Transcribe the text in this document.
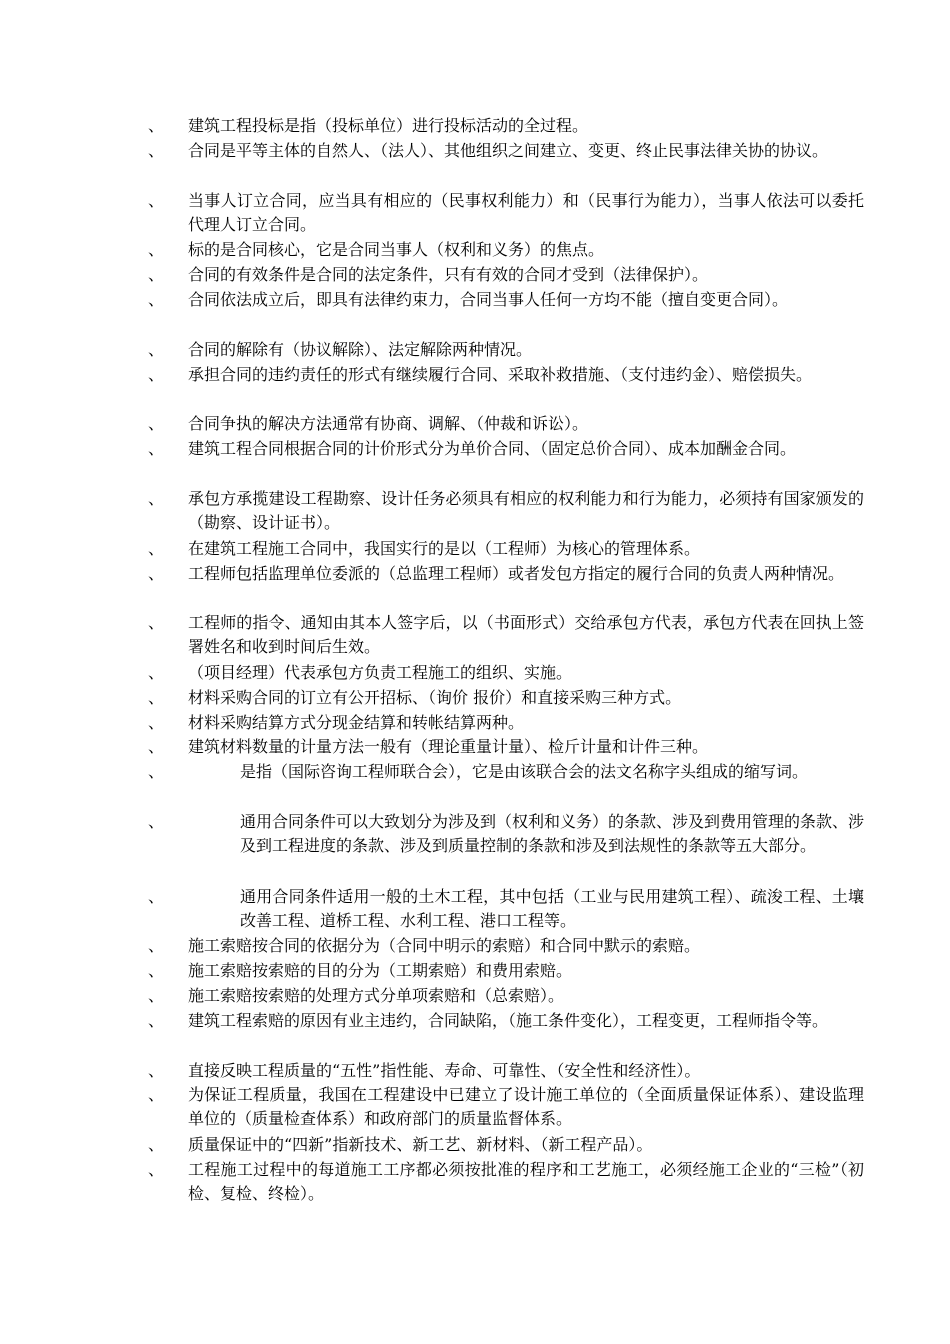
、	建筑工程投标是指（投标单位）进行投标活动的全过程。
、	合同是平等主体的自然人、（法人）、其他组织之间建立、变更、终止民事法律关协的协议。
、	当事人订立合同，应当具有相应的（民事权利能力）和（民事行为能力），当事人依法可以委托代理人订立合同。
、	标的是合同核心，它是合同当事人（权利和义务）的焦点。
、	合同的有效条件是合同的法定条件，只有有效的合同才受到（法律保护）。
、	合同依法成立后，即具有法律约束力，合同当事人任何一方均不能（擅自变更合同）。
、	合同的解除有（协议解除）、法定解除两种情况。
、	承担合同的违约责任的形式有继续履行合同、采取补救措施、（支付违约金）、赔偿损失。
、	合同争执的解决方法通常有协商、调解、（仲裁和诉讼）。
、	建筑工程合同根据合同的计价形式分为单价合同、（固定总价合同）、成本加酬金合同。
、	承包方承揽建设工程勘察、设计任务必须具有相应的权利能力和行为能力，必须持有国家颁发的（勘察、设计证书）。
、	在建筑工程施工合同中，我国实行的是以（工程师）为核心的管理体系。
、	工程师包括监理单位委派的（总监理工程师）或者发包方指定的履行合同的负责人两种情况。
、	工程师的指令、通知由其本人签字后，以（书面形式）交给承包方代表，承包方代表在回执上签署姓名和收到时间后生效。
、	（项目经理）代表承包方负责工程施工的组织、实施。
、	材料采购合同的订立有公开招标、（询价 报价）和直接采购三种方式。
、	材料采购结算方式分现金结算和转帐结算两种。
、	建筑材料数量的计量方法一般有（理论重量计量）、检斤计量和计件三种。
、	是指（国际咨询工程师联合会），它是由该联合会的法文名称字头组成的缩写词。
、	通用合同条件可以大致划分为涉及到（权利和义务）的条款、涉及到费用管理的条款、涉及到工程进度的条款、涉及到质量控制的条款和涉及到法规性的条款等五大部分。
、	通用合同条件适用一般的土木工程，其中包括（工业与民用建筑工程）、疏浚工程、土壤改善工程、道桥工程、水利工程、港口工程等。
、	施工索赔按合同的依据分为（合同中明示的索赔）和合同中默示的索赔。
、	施工索赔按索赔的目的分为（工期索赔）和费用索赔。
、	施工索赔按索赔的处理方式分单项索赔和（总索赔）。
、	建筑工程索赔的原因有业主违约，合同缺陷，（施工条件变化），工程变更，工程师指令等。
、	直接反映工程质量的“五性”指性能、寿命、可靠性、（安全性和经济性）。
、	为保证工程质量，我国在工程建设中已建立了设计施工单位的（全面质量保证体系）、建设监理单位的（质量检查体系）和政府部门的质量监督体系。
、	质量保证中的“四新”指新技术、新工艺、新材料、（新工程产品）。
、	工程施工过程中的每道施工工序都必须按批准的程序和工艺施工，必须经施工企业的“三检”（初检、复检、终检）。
